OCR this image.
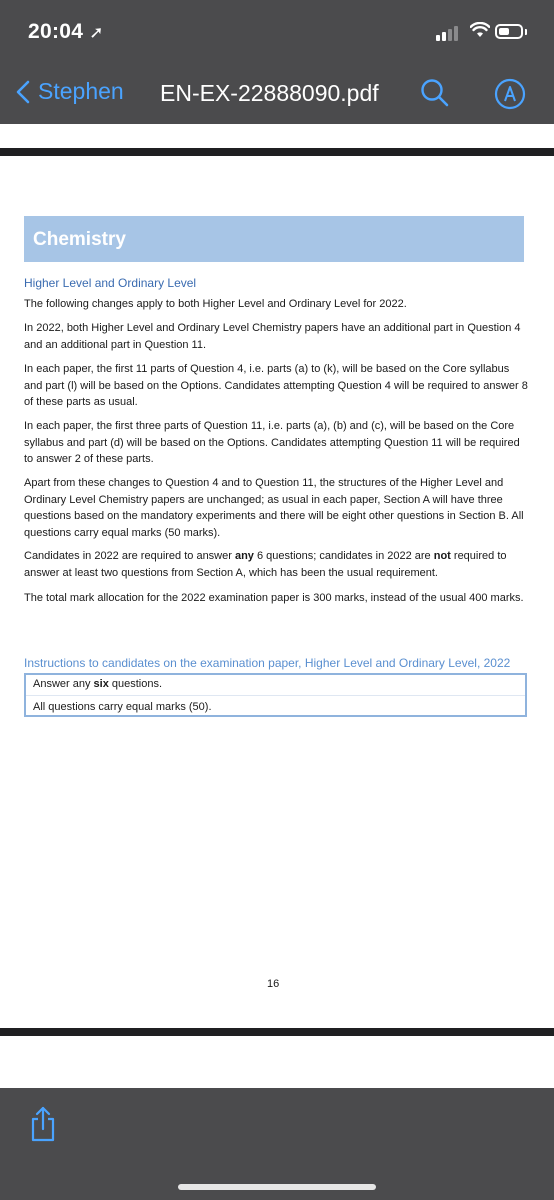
20:04 ➚
Stephen EN-EX-22888090.pdf
Chemistry
Higher Level and Ordinary Level
The following changes apply to both Higher Level and Ordinary Level for 2022.
In 2022, both Higher Level and Ordinary Level Chemistry papers have an additional part in Question 4 and an additional part in Question 11.
In each paper, the first 11 parts of Question 4, i.e. parts (a) to (k), will be based on the Core syllabus and part (l) will be based on the Options. Candidates attempting Question 4 will be required to answer 8 of these parts as usual.
In each paper, the first three parts of Question 11, i.e. parts (a), (b) and (c), will be based on the Core syllabus and part (d) will be based on the Options. Candidates attempting Question 11 will be required to answer 2 of these parts.
Apart from these changes to Question 4 and to Question 11, the structures of the Higher Level and Ordinary Level Chemistry papers are unchanged; as usual in each paper, Section A will have three questions based on the mandatory experiments and there will be eight other questions in Section B. All questions carry equal marks (50 marks).
Candidates in 2022 are required to answer any 6 questions; candidates in 2022 are not required to answer at least two questions from Section A, which has been the usual requirement.
The total mark allocation for the 2022 examination paper is 300 marks, instead of the usual 400 marks.
Instructions to candidates on the examination paper, Higher Level and Ordinary Level, 2022
Answer any six questions.
All questions carry equal marks (50).
16
